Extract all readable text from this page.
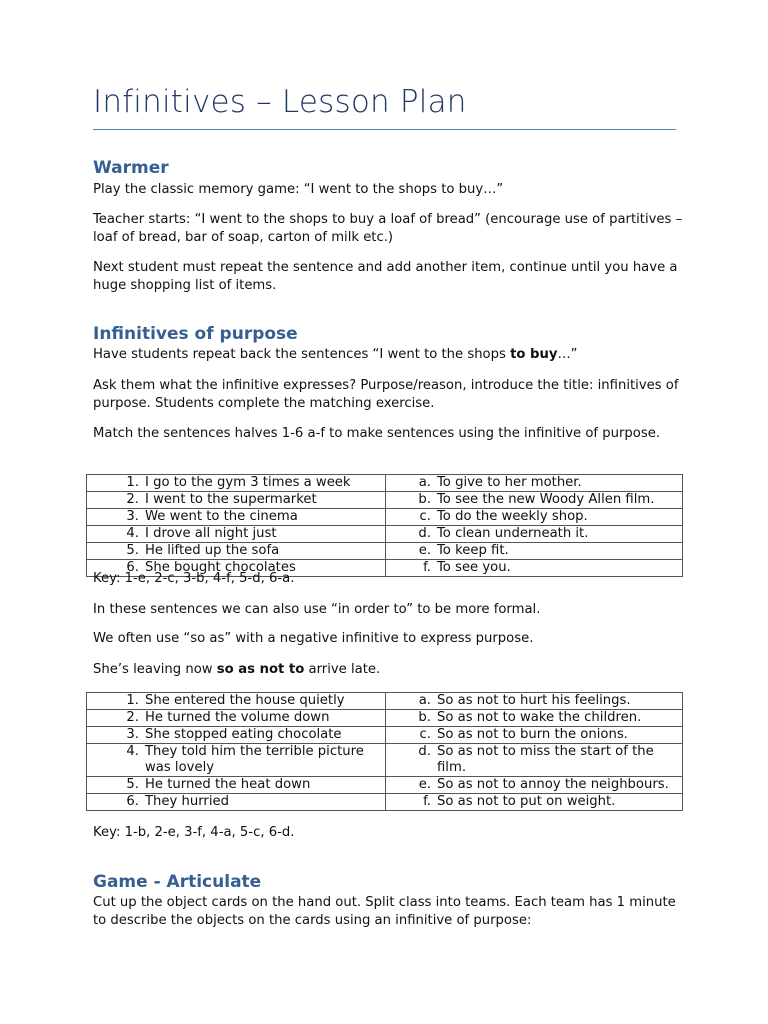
Infinitives – Lesson Plan
Warmer
Play the classic memory game: “I went to the shops to buy…”
Teacher starts: “I went to the shops to buy a loaf of bread” (encourage use of partitives – loaf of bread, bar of soap, carton of milk etc.)
Next student must repeat the sentence and add another item, continue until you have a huge shopping list of items.
Infinitives of purpose
Have students repeat back the sentences “I went to the shops to buy…”
Ask them what the infinitive expresses? Purpose/reason, introduce the title: infinitives of purpose. Students complete the matching exercise.
Match the sentences halves 1-6 a-f to make sentences using the infinitive of purpose.
1. I go to the gym 3 times a week	a. To give to her mother.

2. I went to the supermarket	b. To see the new Woody Allen film.

3. We went to the cinema	c. To do the weekly shop.

4. I drove all night just	d. To clean underneath it.

5. He lifted up the sofa	e. To keep fit.

6. She bought chocolates	f. To see you.
Key: 1-e, 2-c, 3-b, 4-f, 5-d, 6-a.
In these sentences we can also use “in order to” to be more formal.
We often use “so as” with a negative infinitive to express purpose.
She’s leaving now so as not to arrive late.
1. She entered the house quietly	a. So as not to hurt his feelings.

2. He turned the volume down	b. So as not to wake the children.

3. She stopped eating chocolate	c. So as not to burn the onions.

4. They told him the terrible picture was lovely	d. So as not to miss the start of the film.

5. He turned the heat down	e. So as not to annoy the neighbours.

6. They hurried	f. So as not to put on weight.
Key: 1-b, 2-e, 3-f, 4-a, 5-c, 6-d.
Game - Articulate
Cut up the object cards on the hand out. Split class into teams. Each team has 1 minute to describe the objects on the cards using an infinitive of purpose:
